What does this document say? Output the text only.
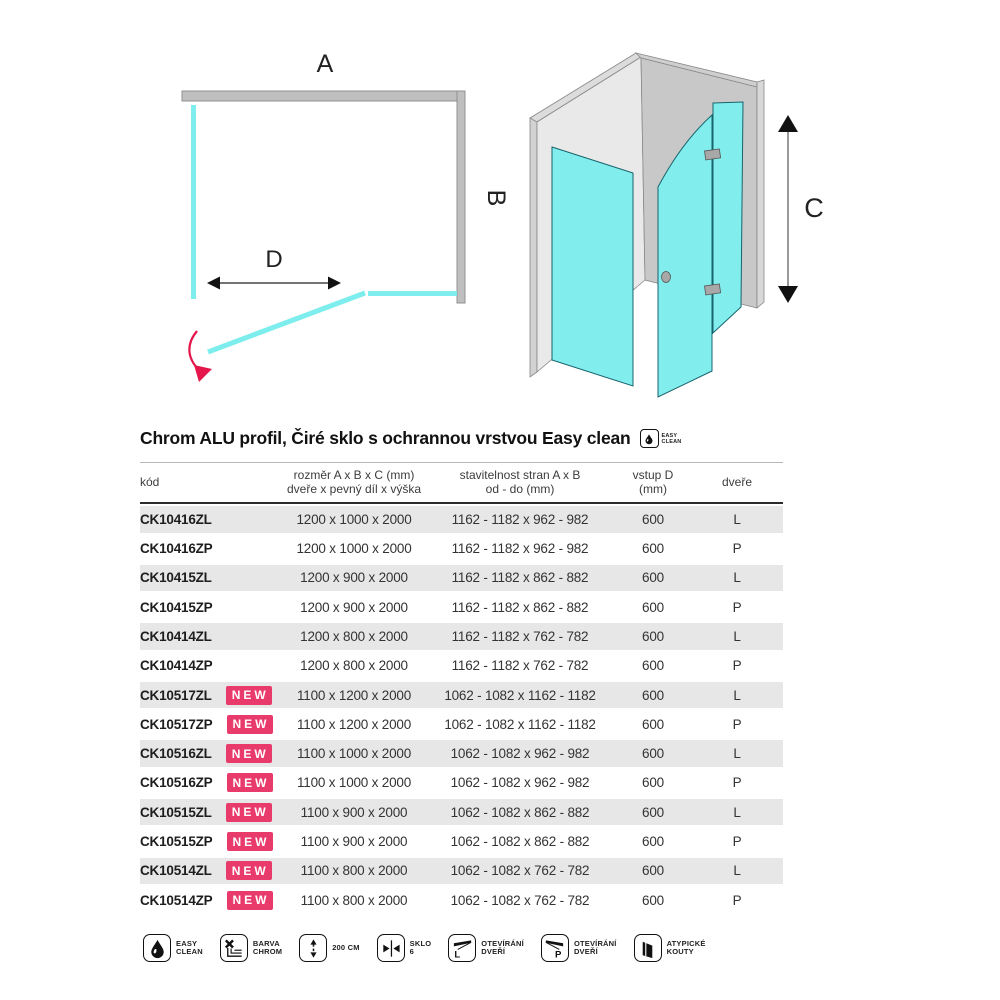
A
B
D
C
Chrom ALU profil, Čiré sklo s ochrannou vrstvou Easy clean	EASY
CLEAN
kód	rozměr A x B x C (mm)
dveře x pevný díl x výška
stavitelnost stran A x B
od - do (mm)
vstup D
(mm)	dveře
CK10416ZL	1200 x 1000 x 2000	1162 - 1182 x 962 - 982	600	L
CK10416ZP	1200 x 1000 x 2000	1162 - 1182 x 962 - 982	600	P
CK10415ZL	1200 x 900 x 2000	1162 - 1182 x 862 - 882	600	L
CK10415ZP	1200 x 900 x 2000	1162 - 1182 x 862 - 882	600	P
CK10414ZL	1200 x 800 x 2000	1162 - 1182 x 762 - 782	600	L
CK10414ZP	1200 x 800 x 2000	1162 - 1182 x 762 - 782	600	P
CK10517ZL	NEW	1100 x 1200 x 2000	1062 - 1082 x 1162 - 1182	600	L
CK10517ZP	NEW	1100 x 1200 x 2000	1062 - 1082 x 1162 - 1182	600	P
CK10516ZL	NEW	1100 x 1000 x 2000	1062 - 1082 x 962 - 982	600	L
CK10516ZP	NEW	1100 x 1000 x 2000	1062 - 1082 x 962 - 982	600	P
CK10515ZL	NEW	1100 x 900 x 2000	1062 - 1082 x 862 - 882	600	L
CK10515ZP	NEW	1100 x 900 x 2000	1062 - 1082 x 862 - 882	600	P
CK10514ZL	NEW	1100 x 800 x 2000	1062 - 1082 x 762 - 782	600	L
CK10514ZP	NEW	1100 x 800 x 2000	1062 - 1082 x 762 - 782	600	P
EASY
CLEAN
BARVA
CHROM	200 CM	SKLO
6	L
OTEVÍRÁNÍ
DVEŘÍ	P
OTEVÍRÁNÍ
DVEŘÍ
ATYPICKÉ
KOUTY
